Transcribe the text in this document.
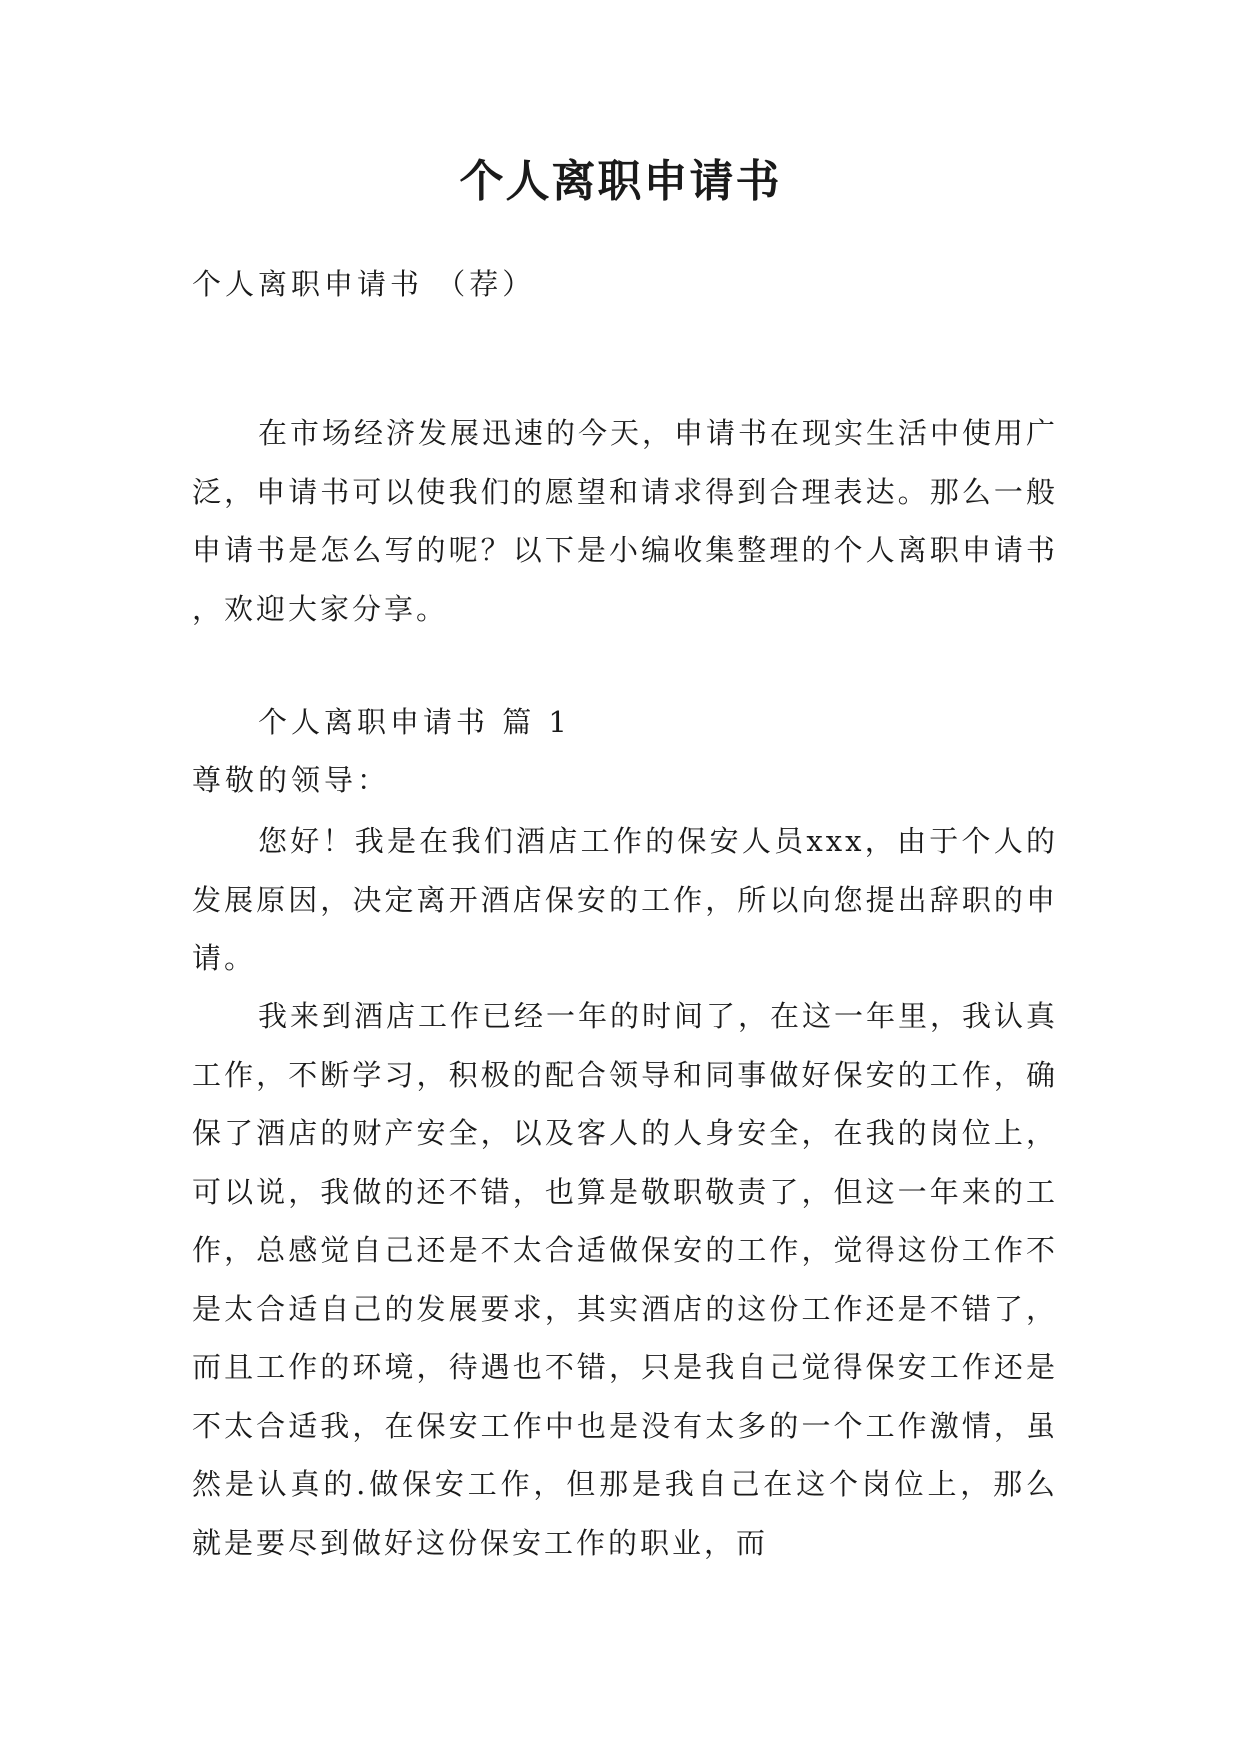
个人离职申请书

个人离职申请书 （荐）

在市场经济发展迅速的今天，申请书在现实生活中使用广泛，申请书可以使我们的愿望和请求得到合理表达。那么一般申请书是怎么写的呢？以下是小编收集整理的个人离职申请书 ，欢迎大家分享。

个人离职申请书 篇 1

尊敬的领导：

您好！我是在我们酒店工作的保安人员xxx，由于个人的发展原因，决定离开酒店保安的工作，所以向您提出辞职的申请。

我来到酒店工作已经一年的时间了，在这一年里，我认真工作，不断学习，积极的配合领导和同事做好保安的工作，确保了酒店的财产安全，以及客人的人身安全，在我的岗位上，可以说，我做的还不错，也算是敬职敬责了，但这一年来的工作，总感觉自己还是不太合适做保安的工作，觉得这份工作不是太合适自己的发展要求，其实酒店的这份工作还是不错了，而且工作的环境，待遇也不错，只是我自己觉得保安工作还是不太合适我，在保安工作中也是没有太多的一个工作激情，虽然是认真的.做保安工作，但那是我自己在这个岗位上，那么就是要尽到做好这份保安工作的职业，而
